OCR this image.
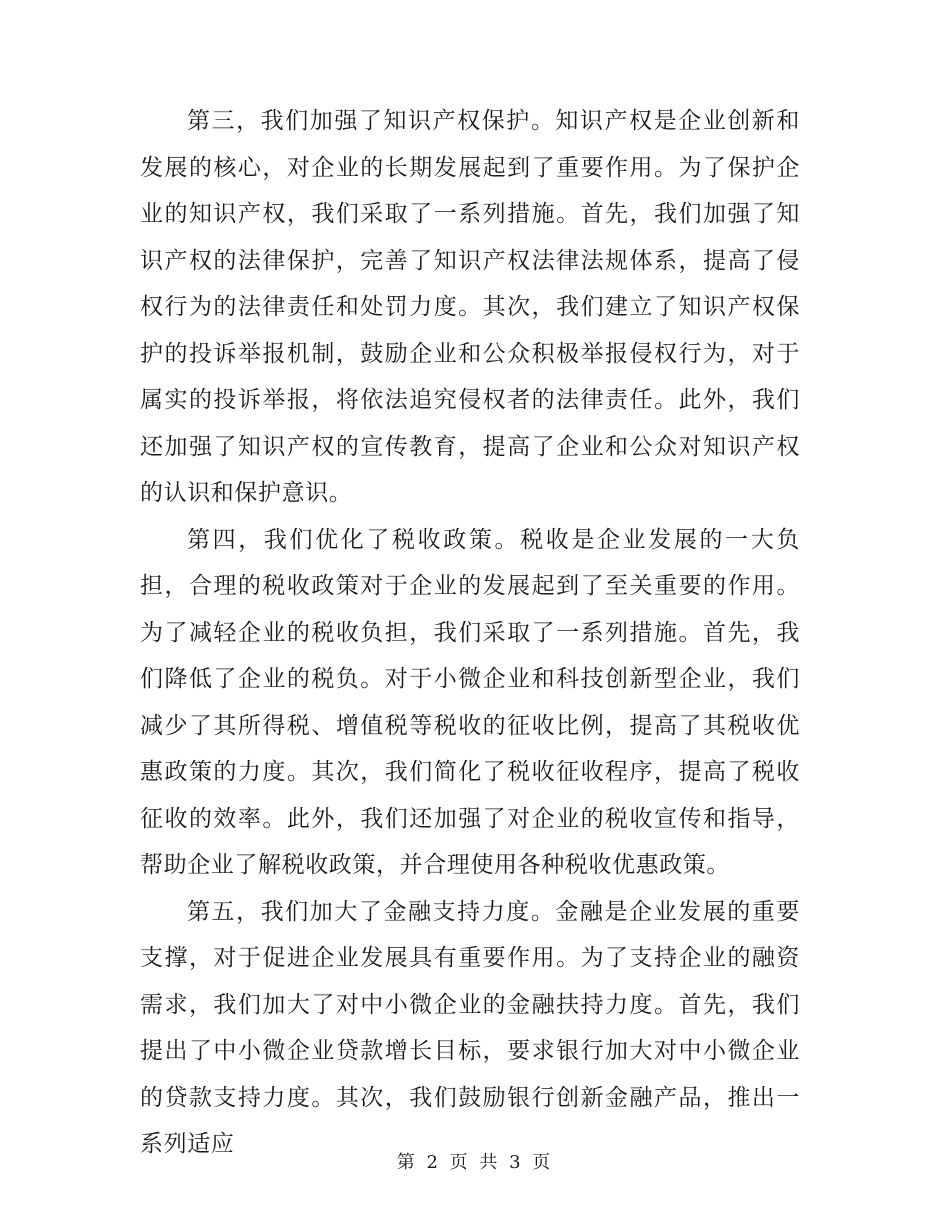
第三，我们加强了知识产权保护。知识产权是企业创新和发展的核心，对企业的长期发展起到了重要作用。为了保护企业的知识产权，我们采取了一系列措施。首先，我们加强了知识产权的法律保护，完善了知识产权法律法规体系，提高了侵权行为的法律责任和处罚力度。其次，我们建立了知识产权保护的投诉举报机制，鼓励企业和公众积极举报侵权行为，对于属实的投诉举报，将依法追究侵权者的法律责任。此外，我们还加强了知识产权的宣传教育，提高了企业和公众对知识产权的认识和保护意识。

第四，我们优化了税收政策。税收是企业发展的一大负担，合理的税收政策对于企业的发展起到了至关重要的作用。为了减轻企业的税收负担，我们采取了一系列措施。首先，我们降低了企业的税负。对于小微企业和科技创新型企业，我们减少了其所得税、增值税等税收的征收比例，提高了其税收优惠政策的力度。其次，我们简化了税收征收程序，提高了税收征收的效率。此外，我们还加强了对企业的税收宣传和指导，帮助企业了解税收政策，并合理使用各种税收优惠政策。

第五，我们加大了金融支持力度。金融是企业发展的重要支撑，对于促进企业发展具有重要作用。为了支持企业的融资需求，我们加大了对中小微企业的金融扶持力度。首先，我们提出了中小微企业贷款增长目标，要求银行加大对中小微企业的贷款支持力度。其次，我们鼓励银行创新金融产品，推出一系列适应

第 2 页 共 3 页
